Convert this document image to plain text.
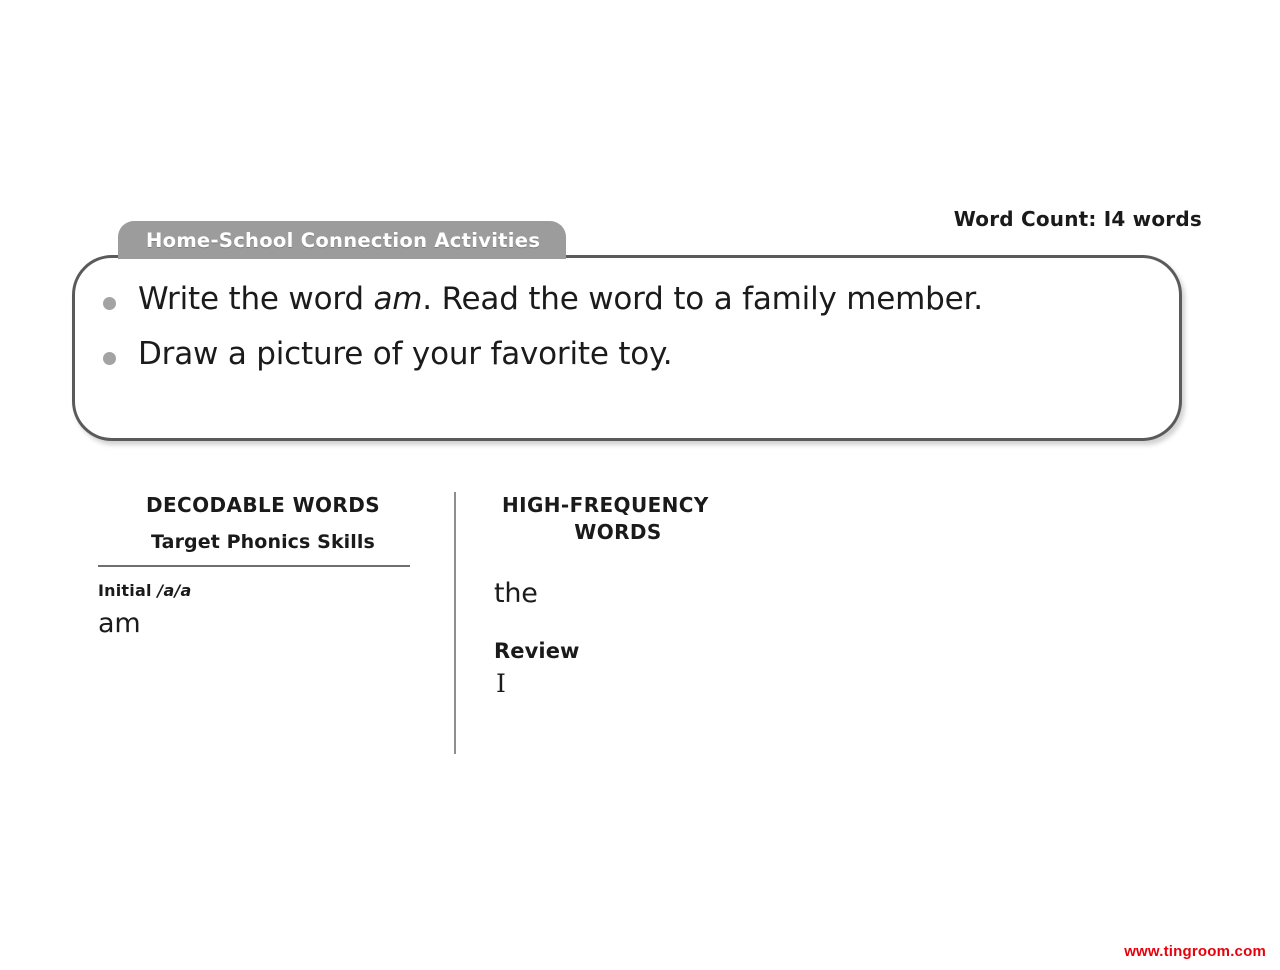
Word Count: I4 words
Home-School Connection Activities
Write the word am. Read the word to a family member.
Draw a picture of your favorite toy.
DECODABLE WORDS
Target Phonics Skills
Initial /a/a
am
HIGH-FREQUENCY
WORDS
the
Review
I
www.tingroom.com
